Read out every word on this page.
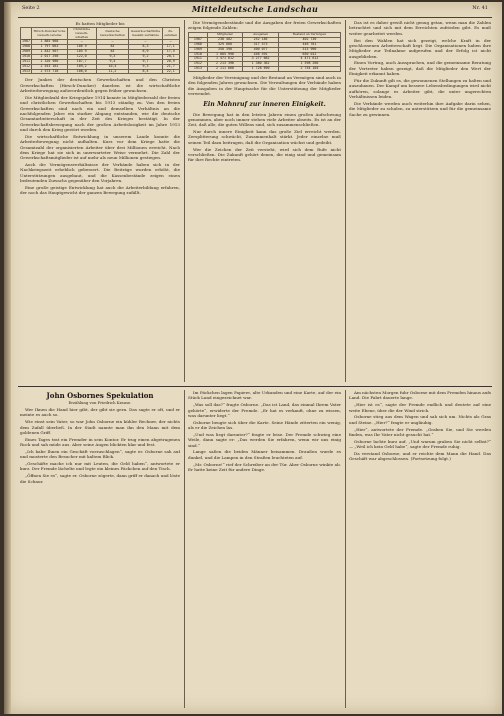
Seite 2	Mitteldeutsche Landschau	Nr. 41
Es hatten Mitglieder bis
	Hirsch-Duncker'sche Gewerk-vereine	Christliche Gewerk-schaften	Deutsche Gewerkschaften	Gewerk-schaftliche Gesamt-verbände	Zu-sammen
1907	1 885 968	—	—	—	—
1908	1 797 063	106 9	83	8,3	17,1
1909	1 832 567	105 9	83	8,9	17,5
1910	2 017 298	122,0	9,3	9,2	20,1
1911	2 320 986	107,7	9,4	9,7	20,9
1912	2 553 162	109,2	10,4	9,3	21,7
1913	2 573 718	106,0	11,2	8,4	22,1

Der Junkes der deutschen Gewerkschaften und den Christen Gewerkschaften (Hirsch-Duncker) daneben ist die wirtschaftliche Arbeiterbewegung außerordentlich gegen früher gewachsen.

Die Mitgliedzahl der Kriegsjahre 1914 konnte in Mitgliederzahl der freien und christlichen Gewerkschaften bis 1913 ständig zu. Von den freien Gewerkschaften sind nach ein und demselben Verhältnis an die nachfolgenden Jahre ein starker Abgang entstanden, wie die deutsche Gesamtarbeiterschaft in der Zeit des Krieges bestätigt. In der Gewerkschaftsbewegung nach der großen Arbeitslosigkeit im Jahre 1913 und durch den Krieg gestört worden.

Die wirtschaftliche Entwicklung in unserem Lande konnte die Arbeiterbewegung nicht aufhalten. Kurz vor dem Kriege hatte die Gesamtzahl der organisierten Arbeiter über drei Millionen erreicht. Nach dem Kriege hat sie sich in unerwarteter Weise vermehrt. Die Zahl der Gewerkschaftsmitglieder ist auf mehr als neun Millionen gestiegen.

Auch die Vermögensverhältnisse der Verbände haben sich in der Nachkriegszeit erheblich gebessert. Die Beiträge wurden erhöht, die Unterstützungen ausgebaut, und die Kassenbestände zeigen einen bedeutenden Zuwachs gegenüber den Vorjahren.

Eine große geistige Entwicklung hat auch die Arbeiterbildung erfahren, der noch das Hauptgewicht der ganzen Bewegung zufällt.

Die Vermögensbestände und die Ausgaben der freien Gewerkschaften zeigen folgende Zahlen:

	Mitglieder	Ausgaben	Bestand an Vermögen
1907	238 402	252 185	402 730
1908	329 800	317 573	446 781
1909	350 390	400 077	515 990
1910	1 085 990	446 591	650 012
1911	1 471 612	3 277 682	4 471 612
1912	2 213 390	1 380 362	1 598 260
1913	2 111 668	1 728 690	2 754 104

Mitglieder der Vereinigung und der Bestand an Vermögen sind auch in den folgenden Jahren gewachsen. Die Verwaltungen der Verbände haben die Ausgaben in der Hauptsache für die Unterstützung der Mitglieder verwendet.

Ein Mahnruf zur inneren Einigkeit.

Die Bewegung hat in den letzten Jahren einen großen Aufschwung genommen, aber noch immer stehen viele Arbeiter abseits. Es ist an der Zeit, daß alle, die guten Willens sind, sich zusammenschließen.

Nur durch innere Einigkeit kann das große Ziel erreicht werden. Zersplitterung schwächt, Zusammenhalt stärkt. Jeder einzelne muß seinen Teil dazu beitragen, daß die Organisation wächst und gedeiht.

Wer die Zeichen der Zeit versteht, wird sich dem Rufe nicht verschließen. Die Zukunft gehört denen, die einig sind und gemeinsam für ihre Rechte eintreten.

Das ist es daher gewiß nicht genug getan, wenn man die Zahlen betrachtet und sich mit dem Erreichten zufrieden gibt. Es muß weiter gearbeitet werden.

Bei den Wahlen hat sich gezeigt, welche Kraft in der geschlossenen Arbeiterschaft liegt. Die Organisationen haben ihre Mitglieder zur Teilnahme aufgerufen und der Erfolg ist nicht ausgeblieben.

Einen Vortrag, auch Aussprachen, und die gemeinsame Beratung der Vertreter haben gezeigt, daß die Mitglieder den Wert der Einigkeit erkannt haben.

Für die Zukunft gilt es, die gewonnenen Stellungen zu halten und auszubauen. Der Kampf um bessere Lebensbedingungen wird nicht aufhören, solange es Arbeiter gibt, die unter ungerechten Verhältnissen leiden.

Die Verbände werden auch weiterhin ihre Aufgabe darin sehen, die Mitglieder zu schulen, zu unterstützen und für die gemeinsame Sache zu gewinnen.

John Osbornes Spekulation
Erzählung von Friedrich Krause.

Wer Ihnen die Hand hier gibt, der gibt sie gern. Das sagte er oft, und er meinte es auch so.

Wie einst sein Vater, so war John Osborne ein kühler Rechner, der nichts dem Zufall überließ. In der Stadt nannte man ihn den Mann mit dem goldenen Griff.

Eines Tages trat ein Fremder in sein Kontor. Er trug einen abgetragenen Rock und sah müde aus. Aber seine Augen blickten klar und fest.

„Ich habe Ihnen ein Geschäft vorzuschlagen“, sagte er. Osborne sah auf und musterte den Besucher mit kaltem Blick.

„Geschäfte mache ich nur mit Leuten, die Geld haben“, antwortete er kurz. Der Fremde lächelte und legte ein kleines Päckchen auf den Tisch.

„Öffnen Sie es“, sagte er. Osborne zögerte, dann griff er danach und löste die Schnur.

Im Päckchen lagen Papiere, alte Urkunden und eine Karte, auf der ein Stück Land eingezeichnet war.

„Was soll das?“ fragte Osborne. „Das ist Land, das einmal Ihrem Vater gehörte“, erwiderte der Fremde. „Er hat es verkauft, ohne zu wissen, was darunter liegt.“

Osborne beugte sich über die Karte. Seine Hände zitterten ein wenig, als er die Zeichen las.

„Und was liegt darunter?“ fragte er leise. Der Fremde schwieg eine Weile, dann sagte er: „Das werden Sie erfahren, wenn wir uns einig sind.“

Lange saßen die beiden Männer beisammen. Draußen wurde es dunkel, und die Lampen in den Straßen leuchteten auf.

„Mr. Osborne!“ rief der Schreiber an der Tür. Aber Osborne winkte ab. Er hatte keine Zeit für andere Dinge.

Am nächsten Morgen fuhr Osborne mit dem Fremden hinaus aufs Land. Die Fahrt dauerte lange.

„Hier ist es“, sagte der Fremde endlich und deutete auf eine weite Ebene, über die der Wind strich.

Osborne stieg aus dem Wagen und sah sich um. Nichts als Gras und Steine. „Hier?“ fragte er ungläubig.

„Hier“, antwortete der Fremde. „Graben Sie, und Sie werden finden, was Ihr Vater nicht gesucht hat.“

Osborne lachte kurz auf. „Und warum graben Sie nicht selbst?“ — „Weil ich kein Geld habe“, sagte der Fremde ruhig.

Da verstand Osborne, und er reichte dem Mann die Hand. Das Geschäft war abgeschlossen. (Fortsetzung folgt.)
